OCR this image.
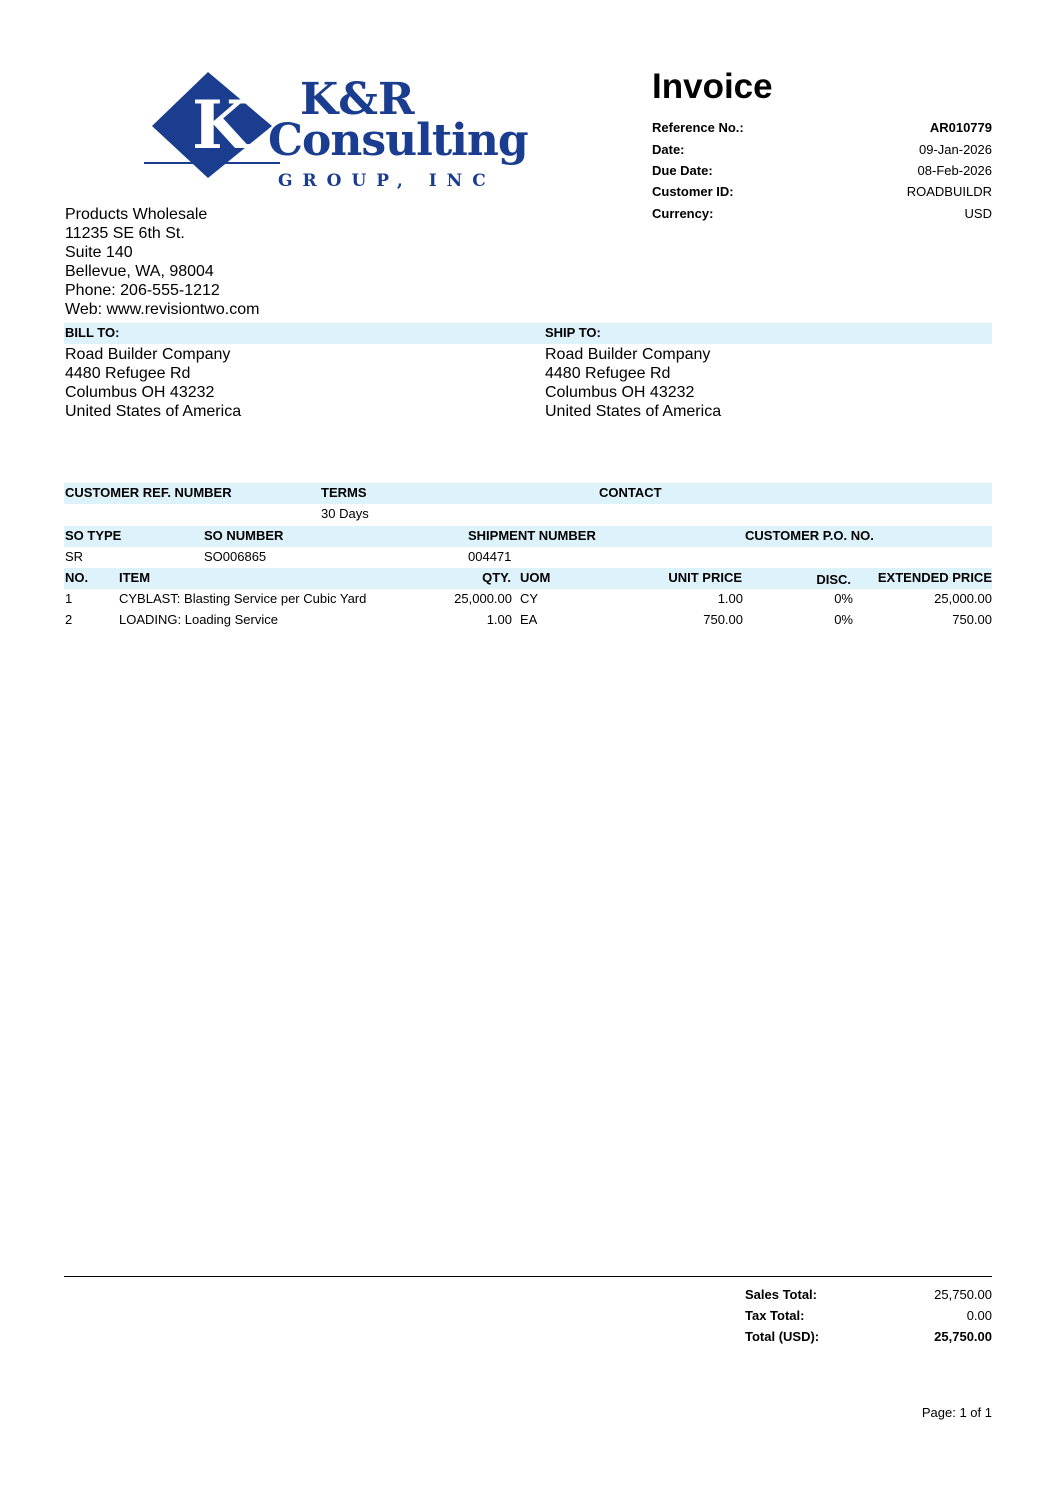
K K&R
Consulting
GROUP, INC
Invoice
Reference No.:	AR010779
Date:	09-Jan-2026
Due Date:	08-Feb-2026
Customer ID:	ROADBUILDR
Currency:	USD
Products Wholesale
11235 SE 6th St.
Suite 140
Bellevue, WA, 98004
Phone: 206-555-1212
Web: www.revisiontwo.com
BILL TO:	SHIP TO:
Road Builder Company
4480 Refugee Rd
Columbus OH 43232
United States of America
Road Builder Company
4480 Refugee Rd
Columbus OH 43232
United States of America
CUSTOMER REF. NUMBER	TERMS	CONTACT
30 Days
SO TYPE	SO NUMBER	SHIPMENT NUMBER	CUSTOMER P.O. NO.
SR	SO006865	004471
NO. ITEM	QTY. UOM	UNIT PRICE	DISC.	EXTENDED PRICE
1	CYBLAST: Blasting Service per Cubic Yard	25,000.00 CY	1.00	0%	25,000.00
2	LOADING: Loading Service	1.00 EA	750.00	0%	750.00
Sales Total:	25,750.00
Tax Total:	0.00
Total (USD):	25,750.00
Page: 1 of 1
